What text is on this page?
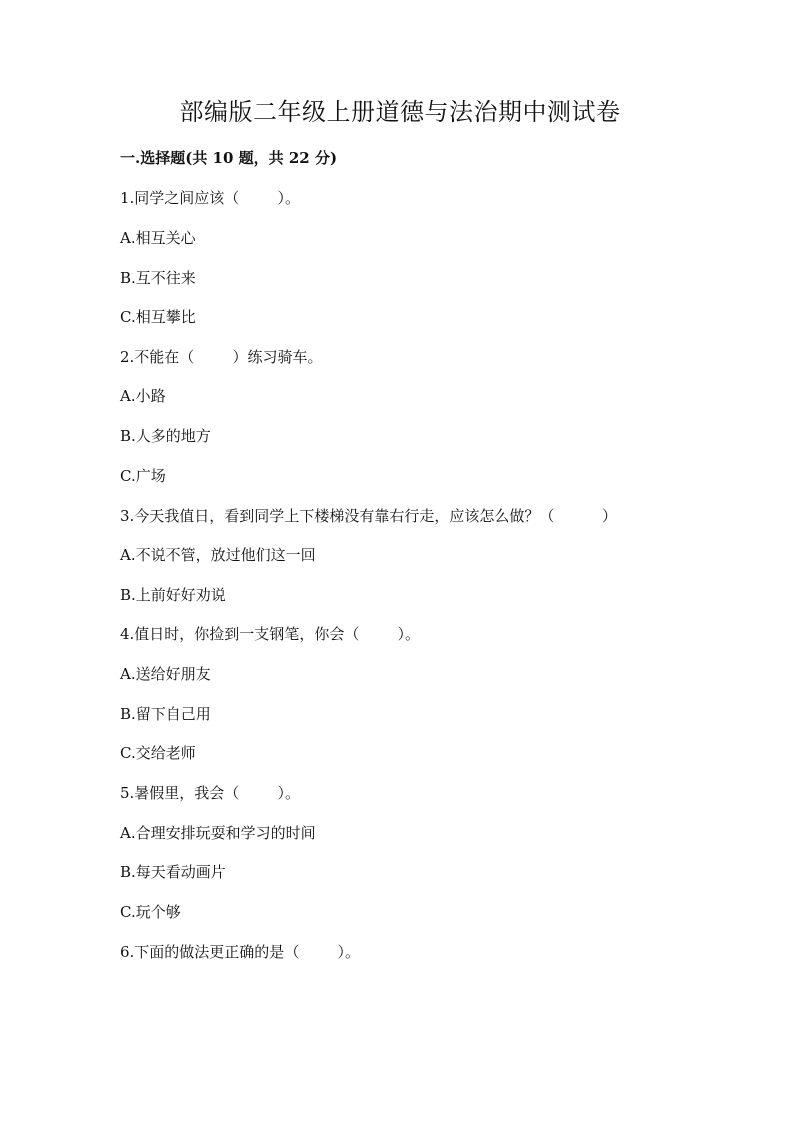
部编版二年级上册道德与法治期中测试卷
一.选择题(共 10 题，共 22 分)
1.同学之间应该（        ）。
A.相互关心
B.互不往来
C.相互攀比
2.不能在（        ）练习骑车。
A.小路
B.人多的地方
C.广场
3.今天我值日，看到同学上下楼梯没有靠右行走，应该怎么做？（          ）
A.不说不管，放过他们这一回
B.上前好好劝说
4.值日时，你捡到一支钢笔，你会（        ）。
A.送给好朋友
B.留下自己用
C.交给老师
5.暑假里，我会（        ）。
A.合理安排玩耍和学习的时间
B.每天看动画片
C.玩个够
6.下面的做法更正确的是（        ）。
